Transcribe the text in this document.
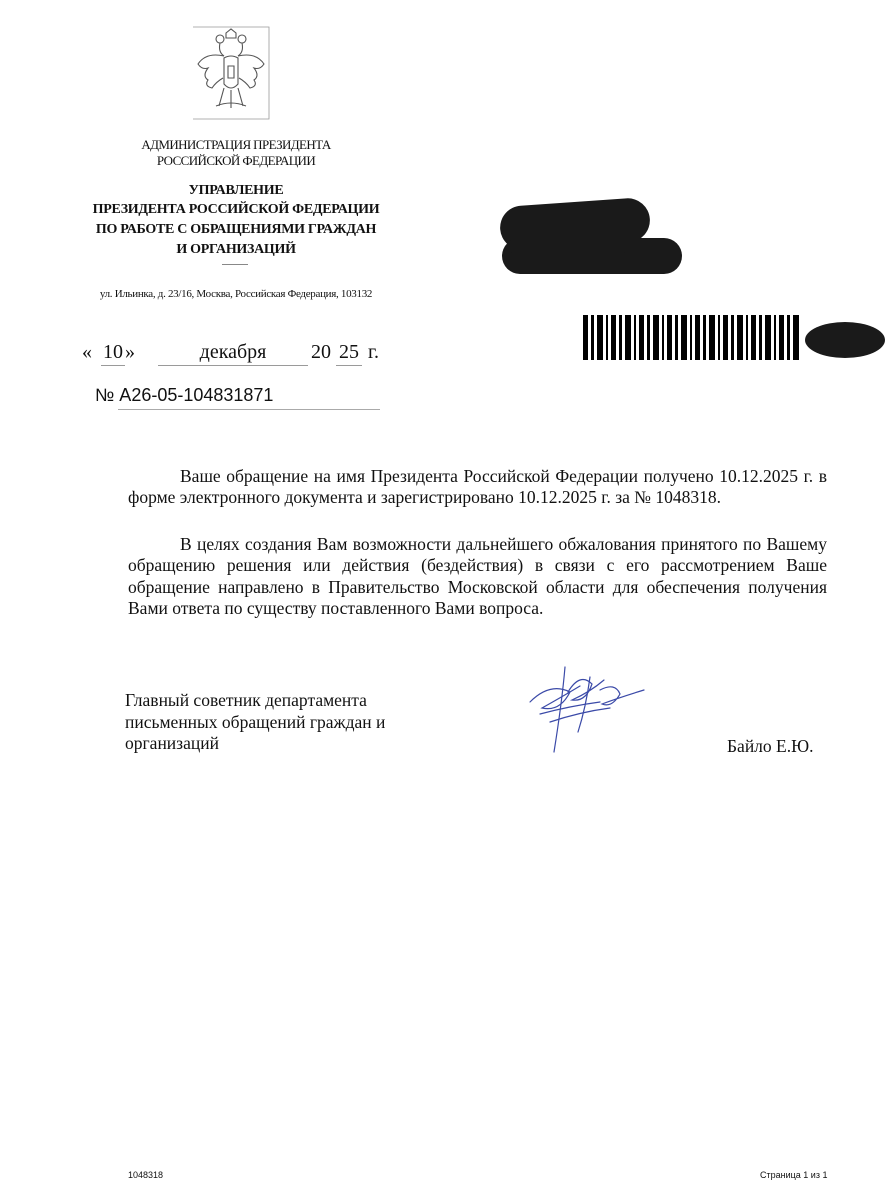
АДМИНИСТРАЦИЯ ПРЕЗИДЕНТА
РОССИЙСКОЙ ФЕДЕРАЦИИ
УПРАВЛЕНИЕ
ПРЕЗИДЕНТА РОССИЙСКОЙ ФЕДЕРАЦИИ
ПО РАБОТЕ С ОБРАЩЕНИЯМИ ГРАЖДАН
И ОРГАНИЗАЦИЙ
ул. Ильинка, д. 23/16, Москва, Российская Федерация, 103132
« 10 »	декабря	20 25 г.
№ А26-05-104831871
Ваше обращение на имя Президента Российской Федерации получено 10.12.2025 г. в форме электронного документа и зарегистрировано 10.12.2025 г. за № 1048318.
В целях создания Вам возможности дальнейшего обжалования принятого по Вашему обращению решения или действия (бездействия) в связи с его рассмотрением Ваше обращение направлено в Правительство Московской области для обеспечения получения Вами ответа по существу поставленного Вами вопроса.
Главный советник департамента
письменных обращений граждан и
организаций	Байло Е.Ю.
1048318	Страница 1 из 1
